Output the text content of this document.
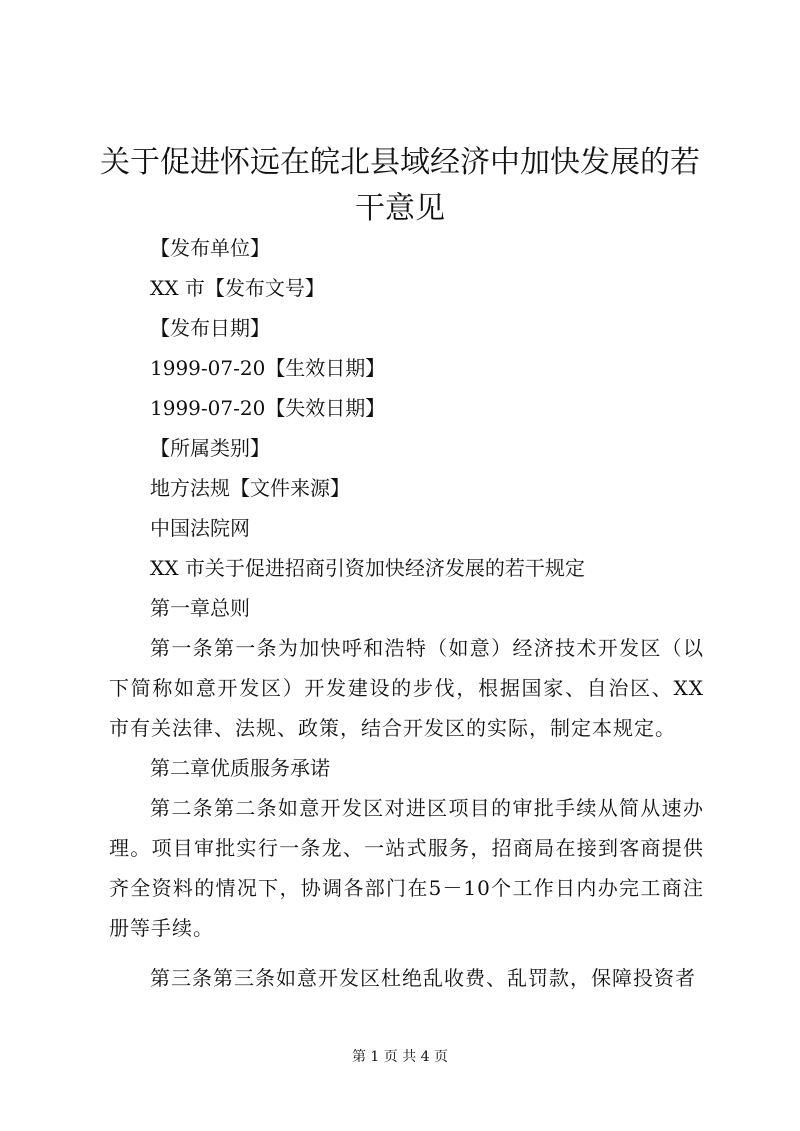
关于促进怀远在皖北县域经济中加快发展的若干意见

【发布单位】

XX 市【发布文号】

【发布日期】

1999-07-20【生效日期】

1999-07-20【失效日期】

【所属类别】

地方法规【文件来源】

中国法院网

XX 市关于促进招商引资加快经济发展的若干规定

第一章总则

第一条第一条为加快呼和浩特（如意）经济技术开发区（以下简称如意开发区）开发建设的步伐，根据国家、自治区、XX市有关法律、法规、政策，结合开发区的实际，制定本规定。

第二章优质服务承诺

第二条第二条如意开发区对进区项目的审批手续从简从速办理。项目审批实行一条龙、一站式服务，招商局在接到客商提供齐全资料的情况下，协调各部门在5－10个工作日内办完工商注册等手续。

第三条第三条如意开发区杜绝乱收费、乱罚款，保障投资者

第 1 页 共 4 页
